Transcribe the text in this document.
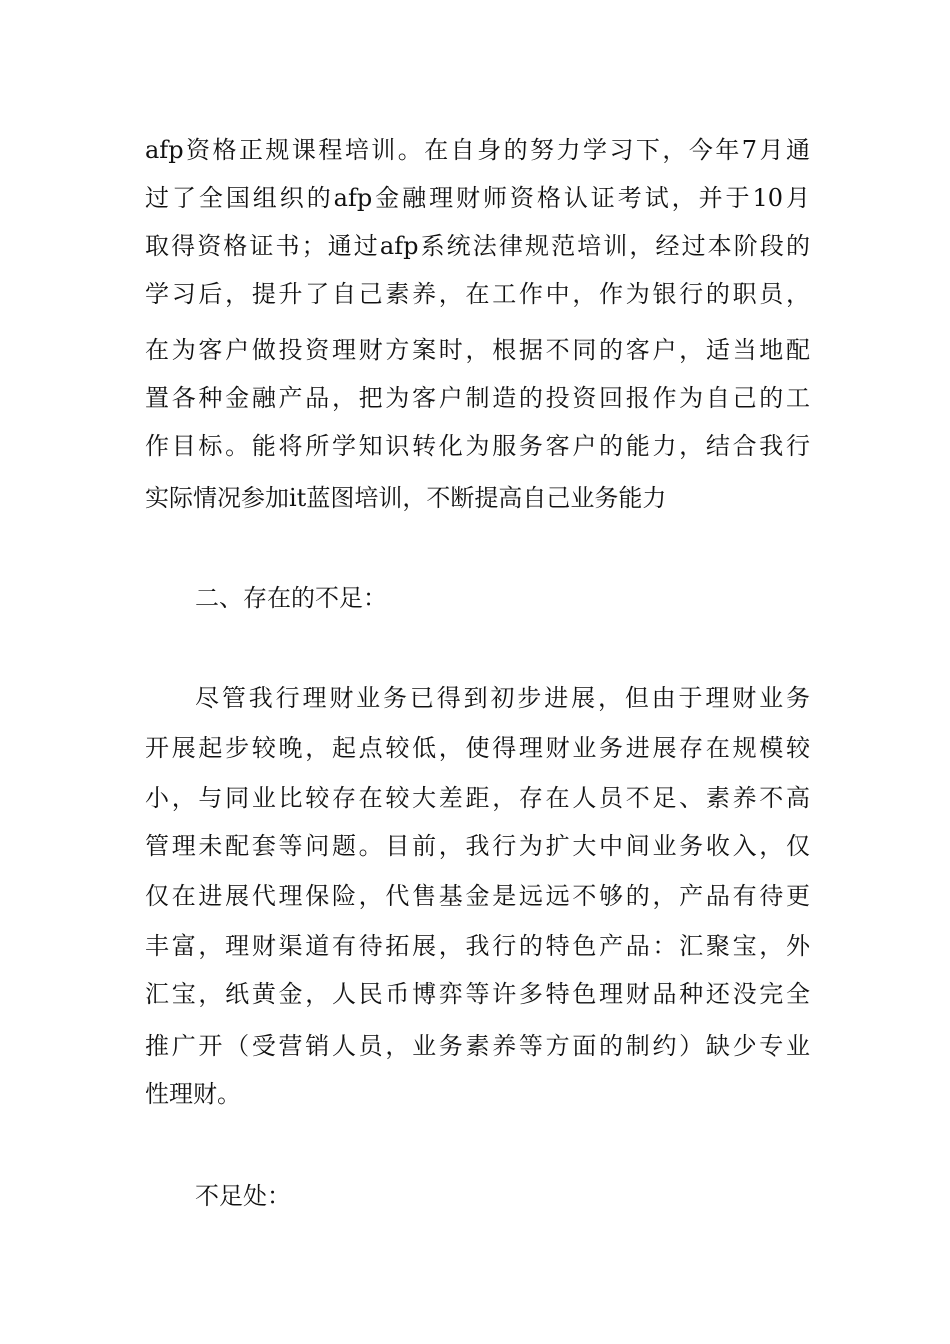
afp资格正规课程培训。在自身的努力学习下，今年7月通
过了全国组织的afp金融理财师资格认证考试，并于10月
取得资格证书；通过afp系统法律规范培训，经过本阶段的
学习后，提升了自己素养，在工作中，作为银行的职员，
在为客户做投资理财方案时，根据不同的客户，适当地配
置各种金融产品，把为客户制造的投资回报作为自己的工
作目标。能将所学知识转化为服务客户的能力，结合我行
实际情况参加it蓝图培训，不断提高自己业务能力
二、存在的不足：
尽管我行理财业务已得到初步进展，但由于理财业务
开展起步较晚，起点较低，使得理财业务进展存在规模较
小，与同业比较存在较大差距，存在人员不足、素养不高
管理未配套等问题。目前，我行为扩大中间业务收入，仅
仅在进展代理保险，代售基金是远远不够的，产品有待更
丰富，理财渠道有待拓展，我行的特色产品：汇聚宝，外
汇宝，纸黄金，人民币博弈等许多特色理财品种还没完全
推广开（受营销人员，业务素养等方面的制约）缺少专业
性理财。
不足处：
